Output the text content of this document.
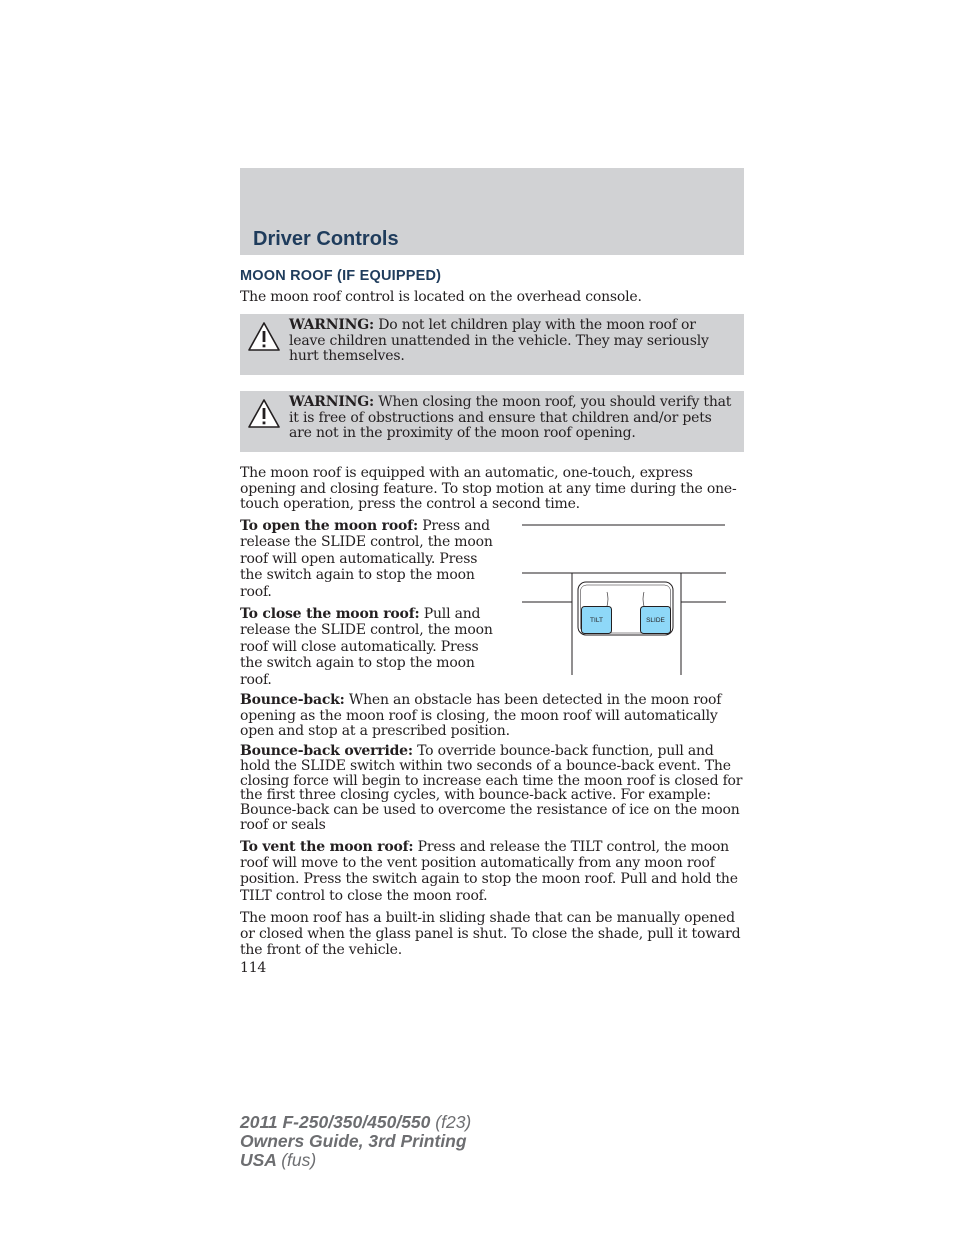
Driver Controls
MOON ROOF (IF EQUIPPED)

The moon roof control is located on the overhead console.

WARNING: Do not let children play with the moon roof or leave children unattended in the vehicle. They may seriously hurt themselves.
WARNING: When closing the moon roof, you should verify that it is free of obstructions and ensure that children and/or pets are not in the proximity of the moon roof opening.

The moon roof is equipped with an automatic, one-touch, express opening and closing feature. To stop motion at any time during the one-touch operation, press the control a second time.

To open the moon roof: Press and release the SLIDE control, the moon roof will open automatically. Press the switch again to stop the moon roof.

To close the moon roof: Pull and release the SLIDE control, the moon roof will close automatically. Press the switch again to stop the moon roof.

TILT	SLIDE

Bounce-back: When an obstacle has been detected in the moon roof opening as the moon roof is closing, the moon roof will automatically open and stop at a prescribed position.

Bounce-back override: To override bounce-back function, pull and hold the SLIDE switch within two seconds of a bounce-back event. The closing force will begin to increase each time the moon roof is closed for the first three closing cycles, with bounce-back active. For example: Bounce-back can be used to overcome the resistance of ice on the moon roof or seals

To vent the moon roof: Press and release the TILT control, the moon roof will move to the vent position automatically from any moon roof position. Press the switch again to stop the moon roof. Pull and hold the TILT control to close the moon roof.

The moon roof has a built-in sliding shade that can be manually opened or closed when the glass panel is shut. To close the shade, pull it toward the front of the vehicle.

114
2011 F-250/350/450/550 (f23)
Owners Guide, 3rd Printing
USA (fus)
